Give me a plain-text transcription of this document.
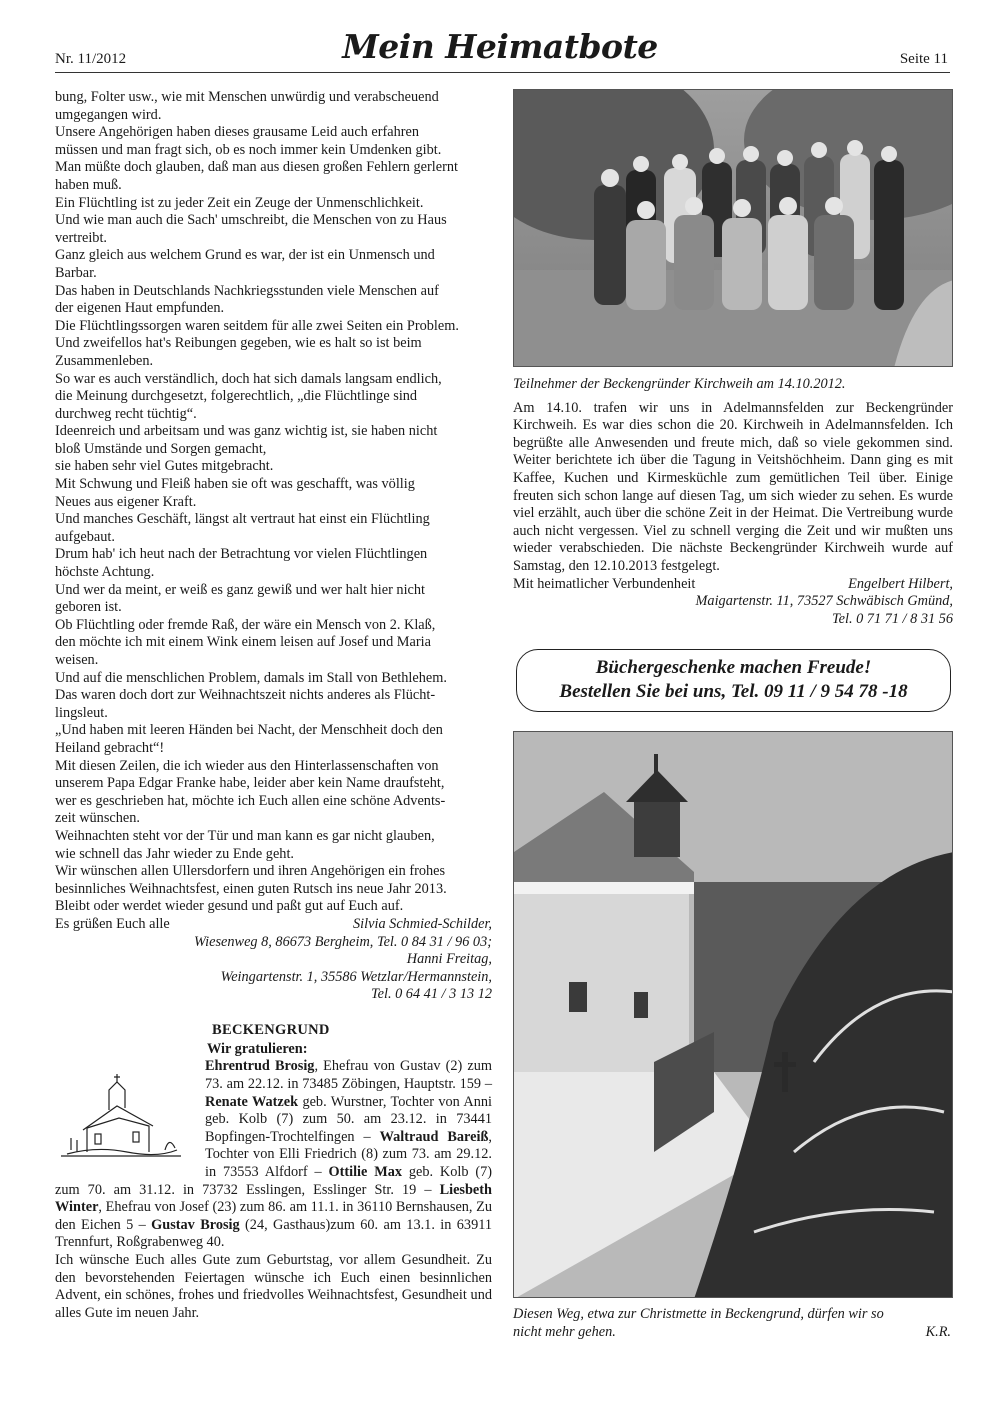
Nr. 11/2012	Mein Heimatbote	Seite 11
bung, Folter usw., wie mit Menschen unwürdig und verabscheuend
umgegangen wird.
Unsere Angehörigen haben dieses grausame Leid auch erfahren
müssen und man fragt sich, ob es noch immer kein Umdenken gibt.
Man müßte doch glauben, daß man aus diesen großen Fehlern gerlernt
haben muß.
Ein Flüchtling ist zu jeder Zeit ein Zeuge der Unmenschlichkeit.
Und wie man auch die Sach' umschreibt, die Menschen von zu Haus
vertreibt.
Ganz gleich aus welchem Grund es war, der ist ein Unmensch und
Barbar.
Das haben in Deutschlands Nachkriegsstunden viele Menschen auf
der eigenen Haut empfunden.
Die Flüchtlingssorgen waren seitdem für alle zwei Seiten ein Problem.
Und zweifellos hat's Reibungen gegeben, wie es halt so ist beim
Zusammenleben.
So war es auch verständlich, doch hat sich damals langsam endlich,
die Meinung durchgesetzt, folgerechtlich, „die Flüchtlinge sind
durchweg recht tüchtig“.
Ideenreich und arbeitsam und was ganz wichtig ist, sie haben nicht
bloß Umstände und Sorgen gemacht,
sie haben sehr viel Gutes mitgebracht.
Mit Schwung und Fleiß haben sie oft was geschafft, was völlig
Neues aus eigener Kraft.
Und manches Geschäft, längst alt vertraut hat einst ein Flüchtling
aufgebaut.
Drum hab' ich heut nach der Betrachtung vor vielen Flüchtlingen
höchste Achtung.
Und wer da meint, er weiß es ganz gewiß und wer halt hier nicht
geboren ist.
Ob Flüchtling oder fremde Raß, der wäre ein Mensch von 2. Klaß,
den möchte ich mit einem Wink einem leisen auf Josef und Maria
weisen.
Und auf die menschlichen Problem, damals im Stall von Bethlehem.
Das waren doch dort zur Weihnachtszeit nichts anderes als Flücht-
lingsleut.
„Und haben mit leeren Händen bei Nacht, der Menschheit doch den
Heiland gebracht“!
Mit diesen Zeilen, die ich wieder aus den Hinterlassenschaften von
unserem Papa Edgar Franke habe, leider aber kein Name draufsteht,
wer es geschrieben hat, möchte ich Euch allen eine schöne Advents-
zeit wünschen.
Weihnachten steht vor der Tür und man kann es gar nicht glauben,
wie schnell das Jahr wieder zu Ende geht.
Wir wünschen allen Ullersdorfern und ihren Angehörigen ein frohes
besinnliches Weihnachtsfest, einen guten Rutsch ins neue Jahr 2013.
Bleibt oder werdet wieder gesund und paßt gut auf Euch auf.
Es grüßen Euch alle	Silvia Schmied-Schilder,
Wiesenweg 8, 86673 Bergheim, Tel. 0 84 31 / 96 03;
Hanni Freitag,
Weingartenstr. 1, 35586 Wetzlar/Hermannstein,
Tel. 0 64 41 / 3 13 12
BECKENGRUND
Wir gratulieren:
Ehrentrud Brosig, Ehefrau von Gustav (2) zum 73. am 22.12. in 73485 Zöbingen, Hauptstr. 159 – Renate Watzek geb. Wurstner, Tochter von Anni geb. Kolb (7) zum 50. am 23.12. in 73441 Bopfingen-Trochtelfingen – Waltraud Bareiß, Tochter von Elli Friedrich (8) zum 73. am 29.12. in 73553 Alfdorf – Ottilie Max geb. Kolb (7) zum 70. am 31.12. in 73732 Esslingen, Esslinger Str. 19 – Liesbeth Winter, Ehefrau von Josef (23) zum 86. am 11.1. in 36110 Bernshausen, Zu den Eichen 5 – Gustav Brosig (24, Gasthaus)zum 60. am 13.1. in 63911 Trennfurt, Roßgrabenweg 40.
Ich wünsche Euch alles Gute zum Geburtstag, vor allem Gesundheit. Zu den bevorstehenden Feiertagen wünsche ich Euch einen besinnlichen Advent, ein schönes, frohes und friedvolles Weihnachtsfest, Gesundheit und alles Gute im neuen Jahr.
Teilnehmer der Beckengründer Kirchweih am 14.10.2012.
Am 14.10. trafen wir uns in Adelmannsfelden zur Beckengründer Kirchweih. Es war dies schon die 20. Kirchweih in Adelmannsfelden. Ich begrüßte alle Anwesenden und freute mich, daß so viele gekommen sind. Weiter berichtete ich über die Tagung in Veitshöchheim. Dann ging es mit Kaffee, Kuchen und Kirmesküchle zum gemütlichen Teil über. Einige freuten sich schon lange auf diesen Tag, um sich wieder zu sehen. Es wurde viel erzählt, auch über die schöne Zeit in der Heimat. Die Vertreibung wurde auch nicht vergessen. Viel zu schnell verging die Zeit und wir mußten uns wieder verabschieden. Die nächste Beckengründer Kirchweih wurde auf Samstag, den 12.10.2013 festgelegt.
Mit heimatlicher Verbundenheit	Engelbert Hilbert,
Maigartenstr. 11, 73527 Schwäbisch Gmünd,
Tel. 0 71 71 / 8 31 56
Büchergeschenke machen Freude!
Bestellen Sie bei uns, Tel. 09 11 / 9 54 78 -18
Diesen Weg, etwa zur Christmette in Beckengrund, dürfen wir so nicht mehr gehen.	K.R.
